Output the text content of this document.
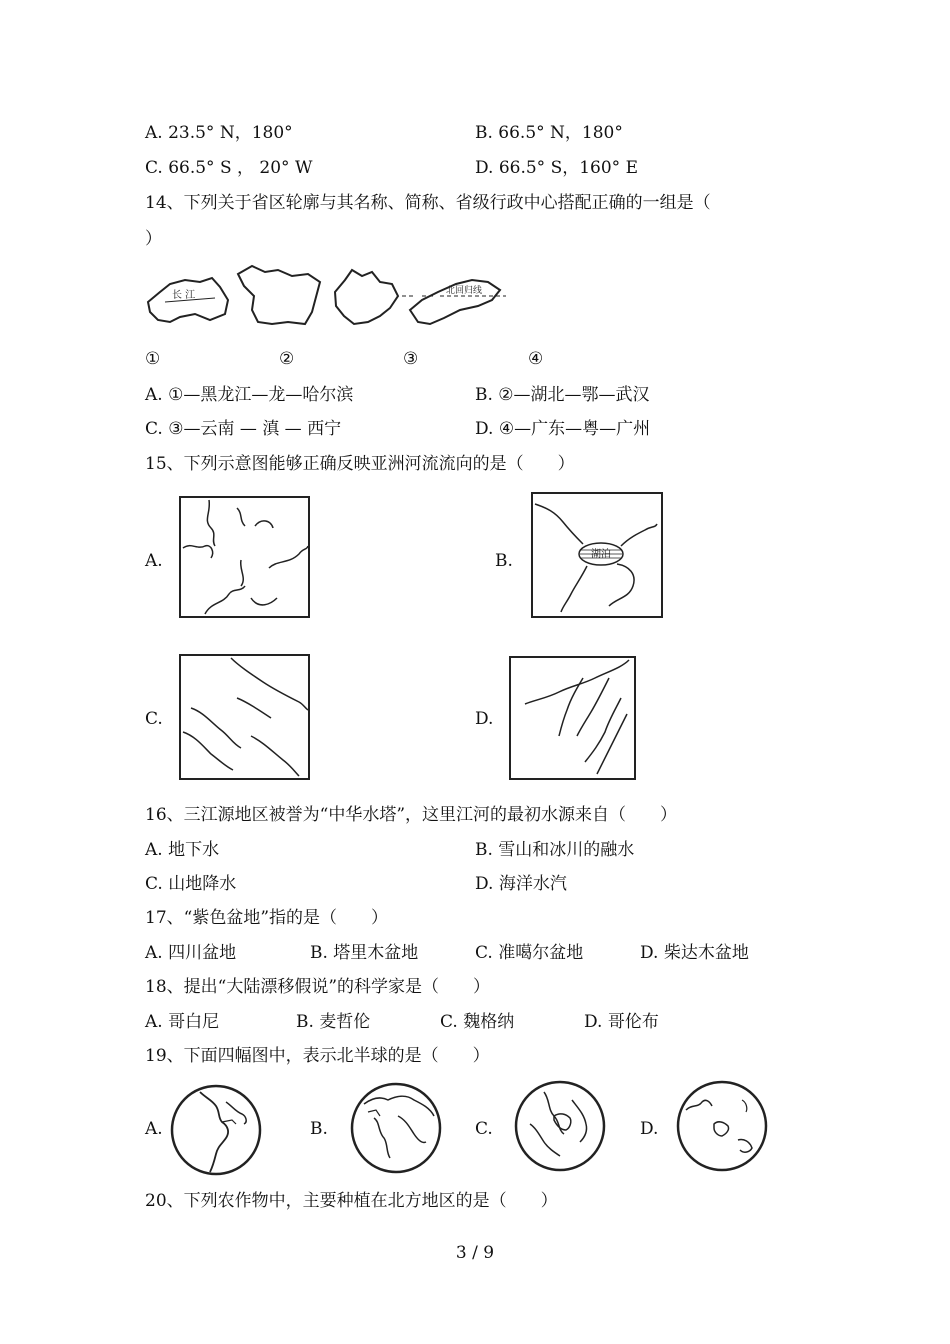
A. 23.5° N，180°	B. 66.5° N，180°
C. 66.5° S ， 20° W	D. 66.5° S，160° E
14、下列关于省区轮廓与其名称、简称、省级行政中心搭配正确的一组是（
）
长 江	北回归线
①	②	③	④
A. ①—黑龙江—龙—哈尔滨	B. ②—湖北—鄂—武汉
C. ③—云南 — 滇 — 西宁	D. ④—广东—粤—广州
15、下列示意图能够正确反映亚洲河流流向的是（　　）
A.	B.	湖泊
C.	D.
16、三江源地区被誉为“中华水塔”，这里江河的最初水源来自（　　）
A. 地下水	B. 雪山和冰川的融水
C. 山地降水	D. 海洋水汽
17、“紫色盆地”指的是（　　）
A. 四川盆地	B. 塔里木盆地	C. 准噶尔盆地	D. 柴达木盆地
18、提出“大陆漂移假说”的科学家是（　　）
A. 哥白尼	B. 麦哲伦	C. 魏格纳	D. 哥伦布
19、下面四幅图中，表示北半球的是（　　）
A.	B.	C.	D.
20、下列农作物中，主要种植在北方地区的是（　　）
3 / 9
